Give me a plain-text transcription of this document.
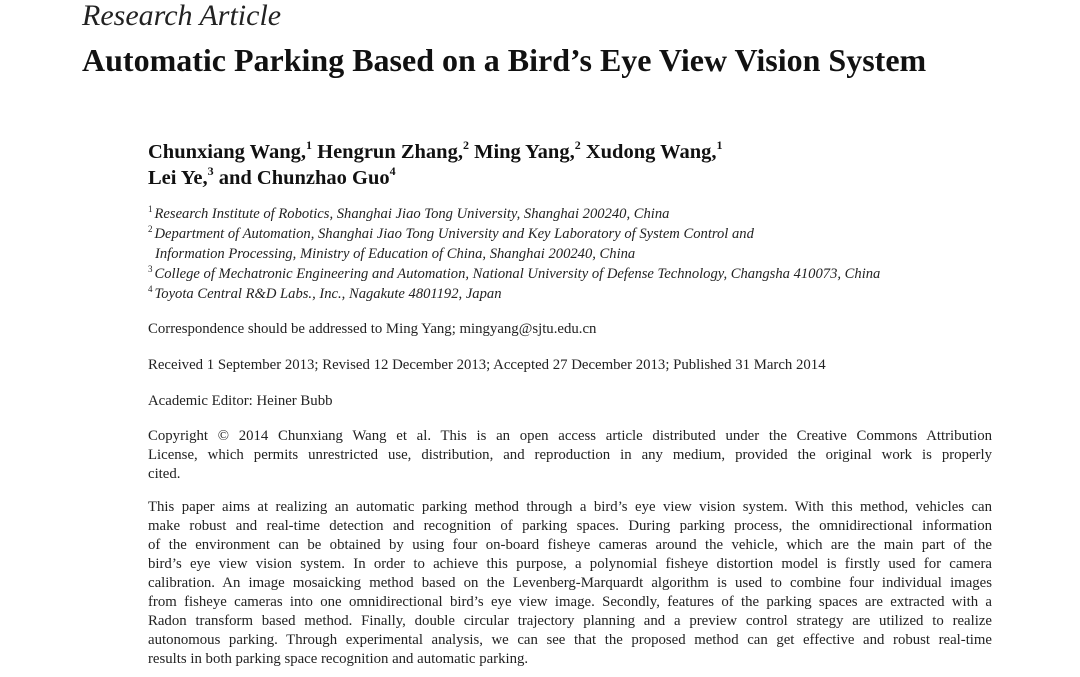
Research Article
Automatic Parking Based on a Bird’s Eye View Vision System
Chunxiang Wang,$^1$ Hengrun Zhang,$^2$ Ming Yang,$^2$ Xudong Wang,$^1$
Lei Ye,$^3$ and Chunzhao Guo$^4$
$^1$ Research Institute of Robotics, Shanghai Jiao Tong University, Shanghai 200240, China
$^2$ Department of Automation, Shanghai Jiao Tong University and Key Laboratory of System Control and
Information Processing, Ministry of Education of China, Shanghai 200240, China
$^3$ College of Mechatronic Engineering and Automation, National University of Defense Technology, Changsha 410073, China
$^4$ Toyota Central R&D Labs., Inc., Nagakute 4801192, Japan
Correspondence should be addressed to Ming Yang; mingyang@sjtu.edu.cn
Received 1 September 2013; Revised 12 December 2013; Accepted 27 December 2013; Published 31 March 2014
Academic Editor: Heiner Bubb
Copyright © 2014 Chunxiang Wang et al. This is an open access article distributed under the Creative Commons Attribution
License, which permits unrestricted use, distribution, and reproduction in any medium, provided the original work is properly
cited.
This paper aims at realizing an automatic parking method through a bird’s eye view vision system. With this method, vehicles can
make robust and real-time detection and recognition of parking spaces. During parking process, the omnidirectional information
of the environment can be obtained by using four on-board fisheye cameras around the vehicle, which are the main part of the
bird’s eye view vision system. In order to achieve this purpose, a polynomial fisheye distortion model is firstly used for camera
calibration. An image mosaicking method based on the Levenberg-Marquardt algorithm is used to combine four individual images
from fisheye cameras into one omnidirectional bird’s eye view image. Secondly, features of the parking spaces are extracted with a
Radon transform based method. Finally, double circular trajectory planning and a preview control strategy are utilized to realize
autonomous parking. Through experimental analysis, we can see that the proposed method can get effective and robust real-time
results in both parking space recognition and automatic parking.
